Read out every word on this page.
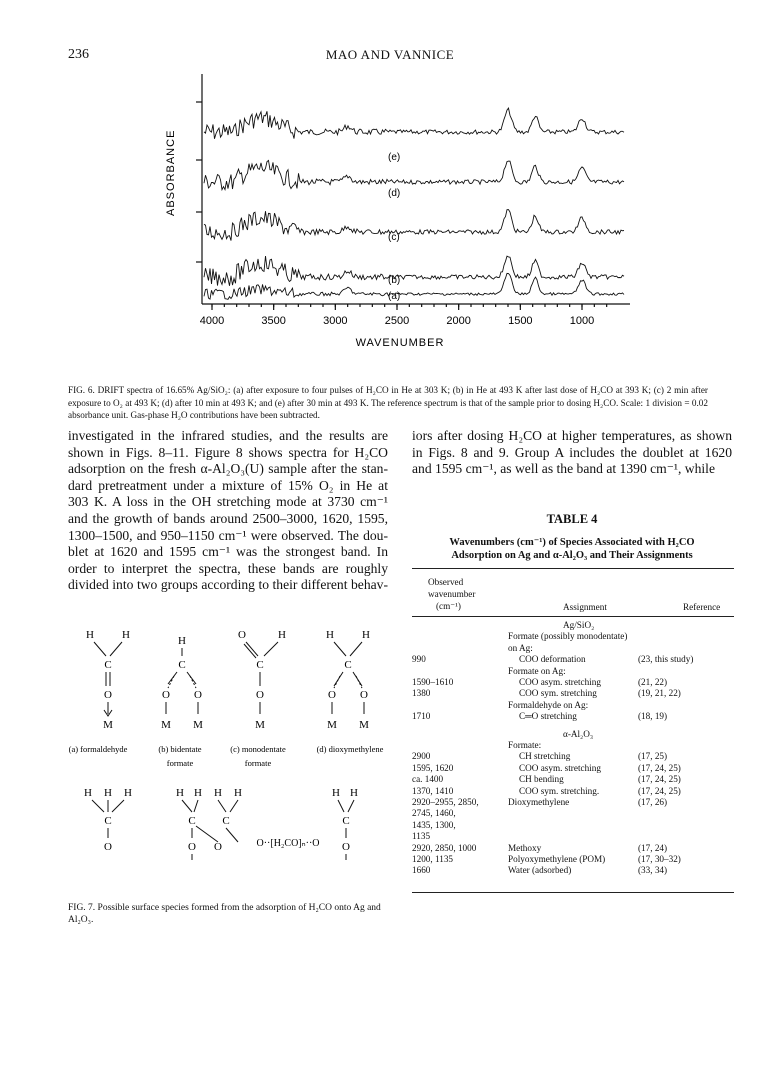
236	MAO AND VANNICE
(e)
(d)
(c)
(b)
(a)
ABSORBANCE
4000	3500	3000	2500	2000	1500	1000
WAVENUMBER
FIG. 6. DRIFT spectra of 16.65% Ag/SiO₂: (a) after exposure to four pulses of H₂CO in He at 303 K; (b) in He at 493 K after last dose of H₂CO at 393 K; (c) 2 min after exposure to O₂ at 493 K; (d) after 10 min at 493 K; and (e) after 30 min at 493 K. The reference spectrum is that of the sample prior to dosing H₂CO. Scale: 1 division = 0.02 absorbance unit. Gas-phase H₂O contributions have been subtracted.
investigated in the infrared studies, and the results are
shown in Figs. 8–11. Figure 8 shows spectra for H₂CO
adsorption on the fresh α-Al₂O₃(U) sample after the stan-
dard pretreatment under a mixture of 15% O₂ in He at
303 K. A loss in the OH stretching mode at 3730 cm⁻¹
and the growth of bands around 2500–3000, 1620, 1595,
1300–1500, and 950–1150 cm⁻¹ were observed. The dou-
blet at 1620 and 1595 cm⁻¹ was the strongest band. In
order to interpret the spectra, these bands are roughly
divided into two groups according to their different behav-
iors after dosing H₂CO at higher temperatures, as shown
in Figs. 8 and 9. Group A includes the doublet at 1620
and 1595 cm⁻¹, as well as the band at 1390 cm⁻¹, while
TABLE 4
Wavenumbers (cm⁻¹) of Species Associated with H₂CO
Adsorption on Ag and α-Al₂O₃ and Their Assignments
Observed
wavenumber
(cm⁻¹)	Assignment	Reference
Ag/SiO₂
Formate (possibly monodentate)
on Ag:
990	COO deformation	(23, this study)
Formate on Ag:
1590–1610	COO asym. stretching	(21, 22)
1380	COO sym. stretching	(19, 21, 22)
Formaldehyde on Ag:
1710	C═O stretching	(18, 19)
α-Al₂O₃
Formate:
2900	CH stretching	(17, 25)
1595, 1620	COO asym. stretching	(17, 24, 25)
ca. 1400	CH bending	(17, 24, 25)
1370, 1410	COO sym. stretching.	(17, 24, 25)
2920–2955, 2850,	Dioxymethylene	(17, 26)
2745, 1460,
1435, 1300,
1135
2920, 2850, 1000	Methoxy	(17, 24)
1200, 1135	Polyoxymethylene (POM)	(17, 30–32)
1660	Water (adsorbed)	(33, 34)
H	H
C
O
M
H
C
O O
M M
O	H
C
O
M
H	H
C
O O
M M
(a) formaldehyde	(b) bidentate	(c) monodentate	(d) dioxymethylene
formate	formate
H H H
C
O
H H H H	H H
C C	C
O O	O··[H₂CO]ₙ··O O
FIG. 7. Possible surface species formed from the adsorption of H₂CO onto Ag and Al₂O₃.
